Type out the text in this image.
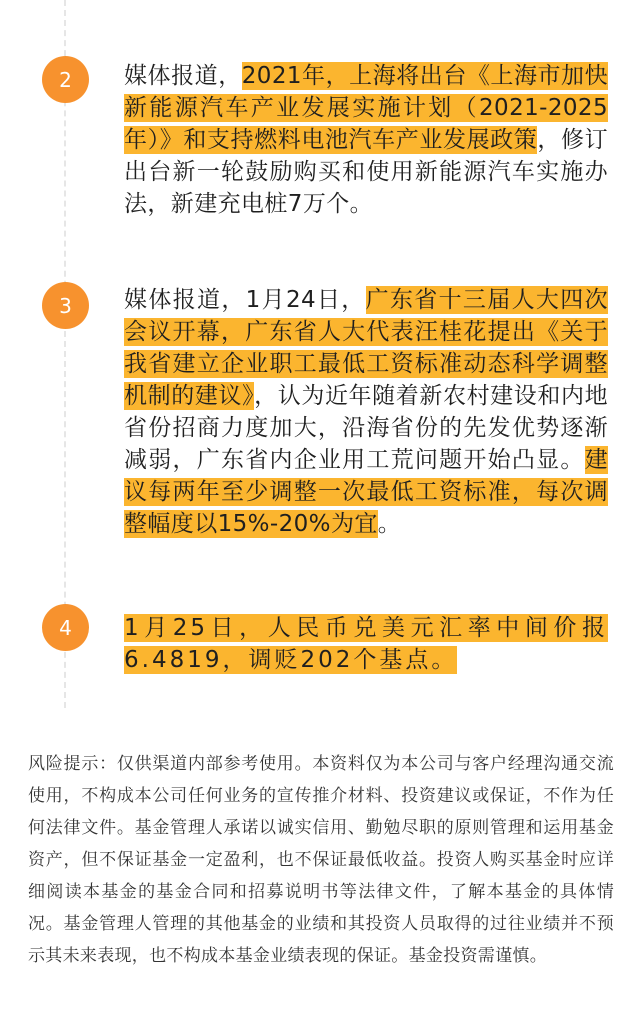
2 媒体报道，2021年，上海将出台《上海市加快新能源汽车产业发展实施计划（2021-2025年）》和支持燃料电池汽车产业发展政策，修订出台新一轮鼓励购买和使用新能源汽车实施办法，新建充电桩7万个。
3 媒体报道，1月24日，广东省十三届人大四次会议开幕，广东省人大代表汪桂花提出《关于我省建立企业职工最低工资标准动态科学调整机制的建议》，认为近年随着新农村建设和内地省份招商力度加大，沿海省份的先发优势逐渐减弱，广东省内企业用工荒问题开始凸显。建议每两年至少调整一次最低工资标准，每次调整幅度以15%-20%为宜。
4 1月25日，人民币兑美元汇率中间价报6.4819，调贬202个基点。
风险提示：仅供渠道内部参考使用。本资料仅为本公司与客户经理沟通交流使用，不构成本公司任何业务的宣传推介材料、投资建议或保证，不作为任何法律文件。基金管理人承诺以诚实信用、勤勉尽职的原则管理和运用基金资产，但不保证基金一定盈利，也不保证最低收益。投资人购买基金时应详细阅读本基金的基金合同和招募说明书等法律文件，了解本基金的具体情况。基金管理人管理的其他基金的业绩和其投资人员取得的过往业绩并不预示其未来表现，也不构成本基金业绩表现的保证。基金投资需谨慎。
